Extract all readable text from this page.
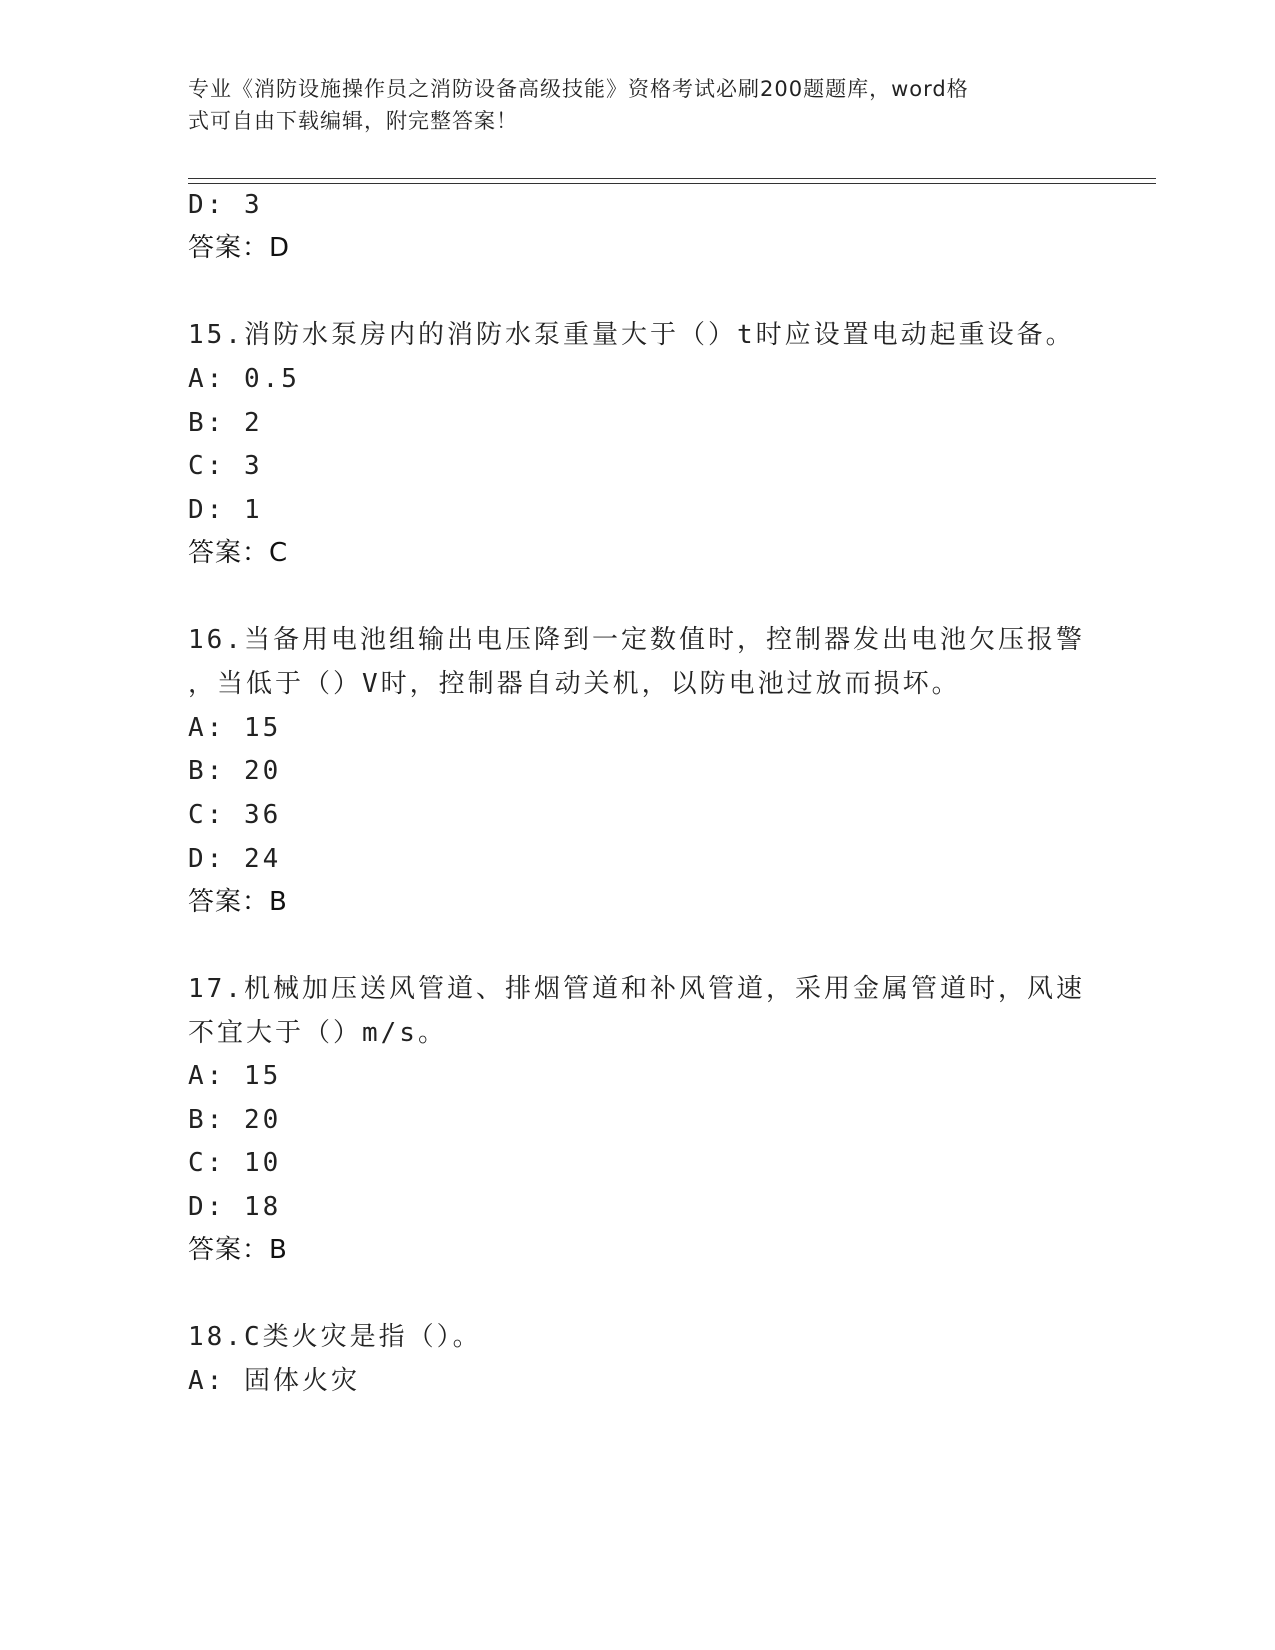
专业《消防设施操作员之消防设备高级技能》资格考试必刷200题题库，word格
式可自由下载编辑，附完整答案！
D: 3
答案：D
15.消防水泵房内的消防水泵重量大于（）t时应设置电动起重设备。
A: 0.5
B: 2
C: 3
D: 1
答案：C
16.当备用电池组输出电压降到一定数值时，控制器发出电池欠压报警
，当低于（）V时，控制器自动关机，以防电池过放而损坏。
A: 15
B: 20
C: 36
D: 24
答案：B
17.机械加压送风管道、排烟管道和补风管道，采用金属管道时，风速
不宜大于（）m/s。
A: 15
B: 20
C: 10
D: 18
答案：B
18.C类火灾是指（）。
A: 固体火灾
